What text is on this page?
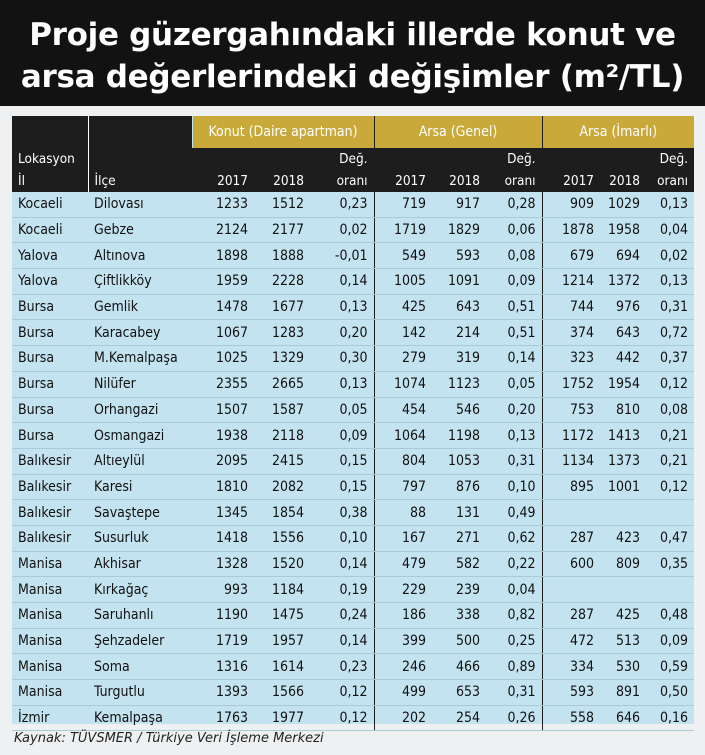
Proje güzergahındaki illerde konut ve
arsa değerlerindeki değişimler (m²/TL)
		Konut (Daire apartman)			Arsa (Genel)			Arsa (İmarlı)		
Lokasyon				Değ.			Değ.			Değ.
İl	İlçe	2017	2018	oranı	2017	2018	oranı	2017	2018	oranı
Kocaeli	Dilovası	1233	1512	0,23	719	917	0,28	909	1029	0,13
Kocaeli	Gebze	2124	2177	0,02	1719	1829	0,06	1878	1958	0,04
Yalova	Altınova	1898	1888	-0,01	549	593	0,08	679	694	0,02
Yalova	Çiftlikköy	1959	2228	0,14	1005	1091	0,09	1214	1372	0,13
Bursa	Gemlik	1478	1677	0,13	425	643	0,51	744	976	0,31
Bursa	Karacabey	1067	1283	0,20	142	214	0,51	374	643	0,72
Bursa	M.Kemalpaşa	1025	1329	0,30	279	319	0,14	323	442	0,37
Bursa	Nilüfer	2355	2665	0,13	1074	1123	0,05	1752	1954	0,12
Bursa	Orhangazi	1507	1587	0,05	454	546	0,20	753	810	0,08
Bursa	Osmangazi	1938	2118	0,09	1064	1198	0,13	1172	1413	0,21
Balıkesir	Altıeylül	2095	2415	0,15	804	1053	0,31	1134	1373	0,21
Balıkesir	Karesi	1810	2082	0,15	797	876	0,10	895	1001	0,12
Balıkesir	Savaştepe	1345	1854	0,38	88	131	0,49			
Balıkesir	Susurluk	1418	1556	0,10	167	271	0,62	287	423	0,47
Manisa	Akhisar	1328	1520	0,14	479	582	0,22	600	809	0,35
Manisa	Kırkağaç	993	1184	0,19	229	239	0,04			
Manisa	Saruhanlı	1190	1475	0,24	186	338	0,82	287	425	0,48
Manisa	Şehzadeler	1719	1957	0,14	399	500	0,25	472	513	0,09
Manisa	Soma	1316	1614	0,23	246	466	0,89	334	530	0,59
Manisa	Turgutlu	1393	1566	0,12	499	653	0,31	593	891	0,50
İzmir	Kemalpaşa	1763	1977	0,12	202	254	0,26	558	646	0,16
Kaynak: TÜVSMER / Türkiye Veri İşleme Merkezi
